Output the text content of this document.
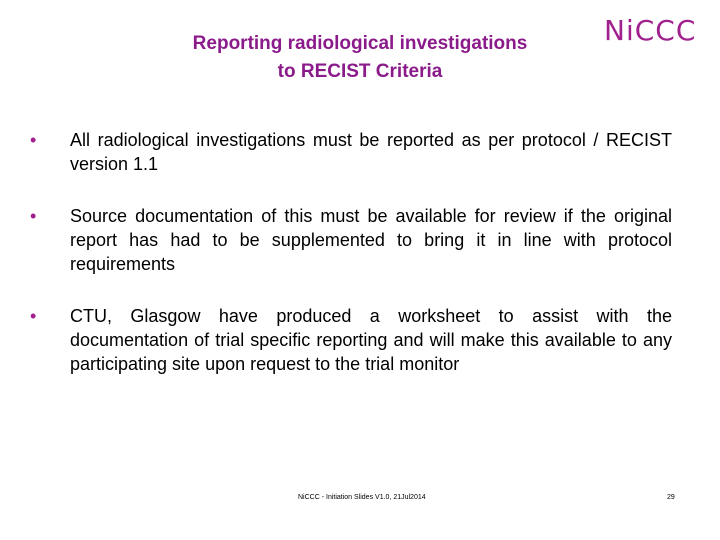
Reporting radiological investigations
to RECIST Criteria
NiCCC
• All radiological investigations must be reported as per protocol / RECIST version 1.1
• Source documentation of this must be available for review if the original report has had to be supplemented to bring it in line with protocol requirements
• CTU, Glasgow have produced a worksheet to assist with the documentation of trial specific reporting and will make this available to any participating site upon request to the trial monitor
NiCCC - Initiation Slides V1.0, 21Jul2014	29
